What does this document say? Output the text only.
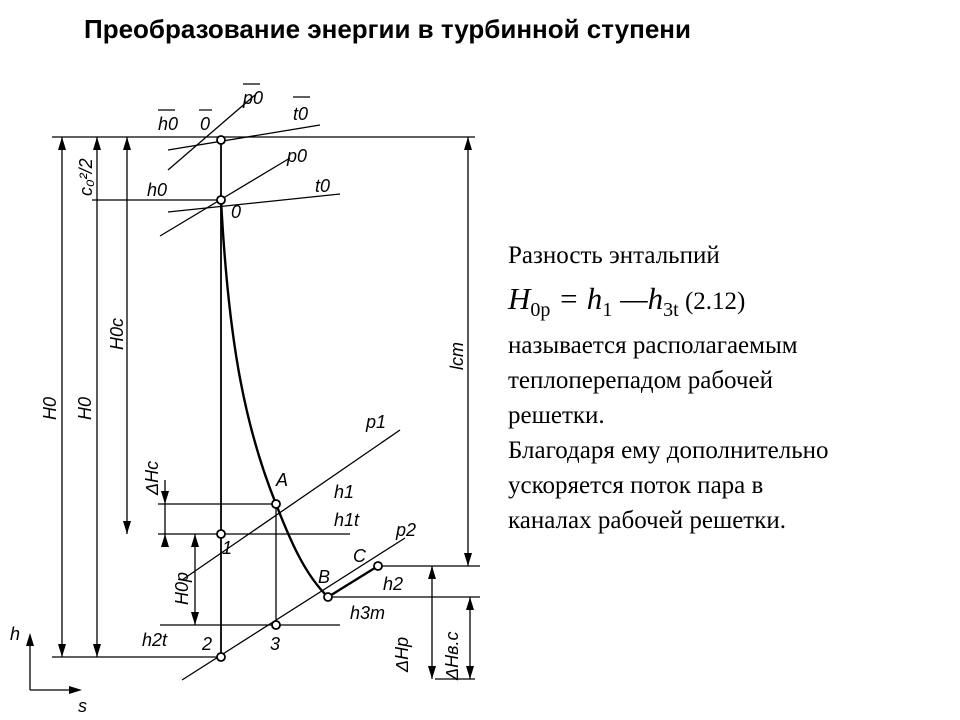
Преобразование энергии в турбинной ступени

Разность энтальпий

$H_{0p} = h_1$ $—h_{3t}$ (2.12)

называется располагаемым

теплоперепадом рабочей

решетки.

Благодаря ему дополнительно

ускоряется поток пара в

каналах рабочей решетки.

p0
t0
h0 0
p0
t0
h0
0
c₀²/2
H0c
H0 H0
lст
ΔHc
H0p
ΔHp ΔHв.с
p1
A
h1
h1t
1
p2
C
B	h2
h3т
h2t 2	3
h
s
